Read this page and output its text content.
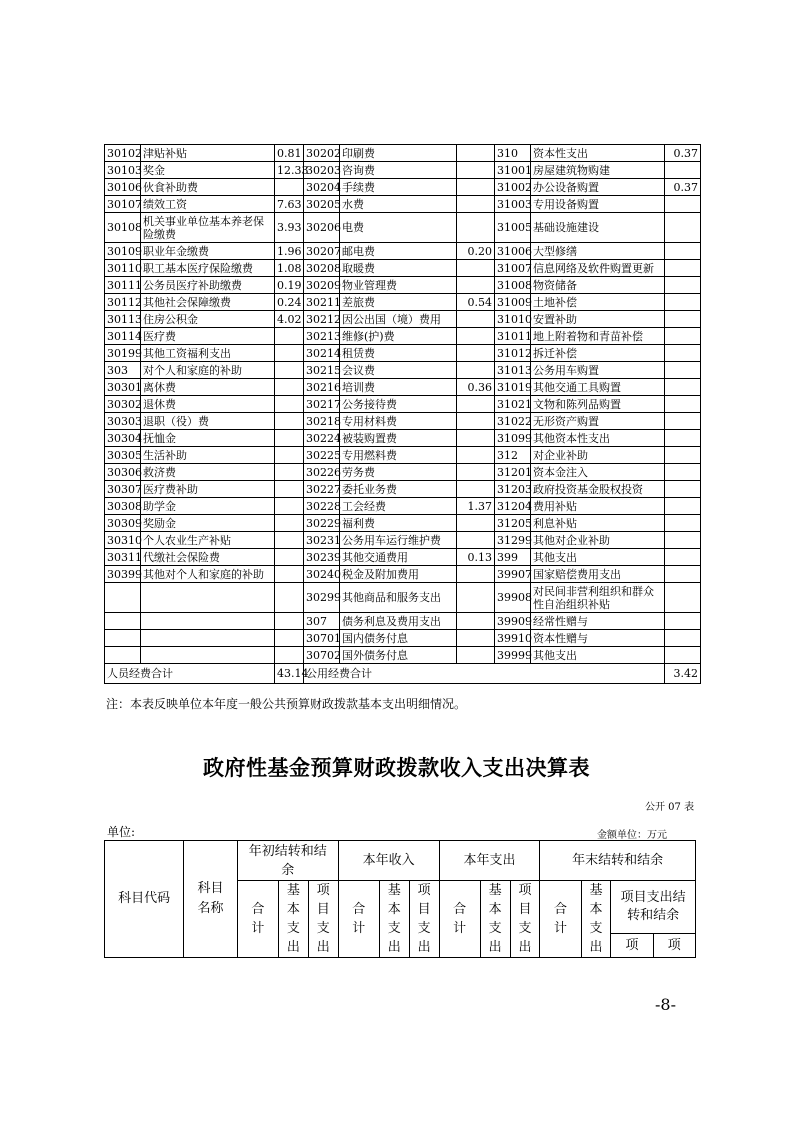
30102	津贴补贴	0.81	30202	印刷费		310	资本性支出	0.37
30103	奖金	12.33	30203	咨询费		31001	房屋建筑物购建	
30106	伙食补助费		30204	手续费		31002	办公设备购置	0.37
30107	绩效工资	7.63	30205	水费		31003	专用设备购置	
30108	机关事业单位基本养老保险缴费	3.93	30206	电费		31005	基础设施建设	
30109	职业年金缴费	1.96	30207	邮电费	0.20	31006	大型修缮	
30110	职工基本医疗保险缴费	1.08	30208	取暖费		31007	信息网络及软件购置更新	
30111	公务员医疗补助缴费	0.19	30209	物业管理费		31008	物资储备	
30112	其他社会保障缴费	0.24	30211	差旅费	0.54	31009	土地补偿	
30113	住房公积金	4.02	30212	因公出国（境）费用		31010	安置补助	
30114	医疗费		30213	维修(护)费		31011	地上附着物和青苗补偿	
30199	其他工资福利支出		30214	租赁费		31012	拆迁补偿	
303	对个人和家庭的补助		30215	会议费		31013	公务用车购置	
30301	离休费		30216	培训费	0.36	31019	其他交通工具购置	
30302	退休费		30217	公务接待费		31021	文物和陈列品购置	
30303	退职（役）费		30218	专用材料费		31022	无形资产购置	
30304	抚恤金		30224	被装购置费		31099	其他资本性支出	
30305	生活补助		30225	专用燃料费		312	对企业补助	
30306	救济费		30226	劳务费		31201	资本金注入	
30307	医疗费补助		30227	委托业务费		31203	政府投资基金股权投资	
30308	助学金		30228	工会经费	1.37	31204	费用补贴	
30309	奖励金		30229	福利费		31205	利息补贴	
30310	个人农业生产补贴		30231	公务用车运行维护费		31299	其他对企业补助	
30311	代缴社会保险费		30239	其他交通费用	0.13	399	其他支出	
30399	其他对个人和家庭的补助		30240	税金及附加费用		39907	国家赔偿费用支出	
			30299	其他商品和服务支出		39908	对民间非营利组织和群众性自治组织补贴	
			307	债务利息及费用支出		39909	经常性赠与	
			30701	国内债务付息		39910	资本性赠与	
			30702	国外债务付息		39999	其他支出	
人员经费合计		43.14	公用经费合计					3.42
注：本表反映单位本年度一般公共预算财政拨款基本支出明细情况。
政府性基金预算财政拨款收入支出决算表
公开 07 表
单位:	金额单位：万元
科目代码	科目名称	年初结转和结余			本年收入			本年支出			年末结转和结余			

		合计	基本支出	项目支出	合计	基本支出	项目支出	合计	基本支出	项目支出	合计	基本支出	项目支出结转和结余	

													项	项
-8-
